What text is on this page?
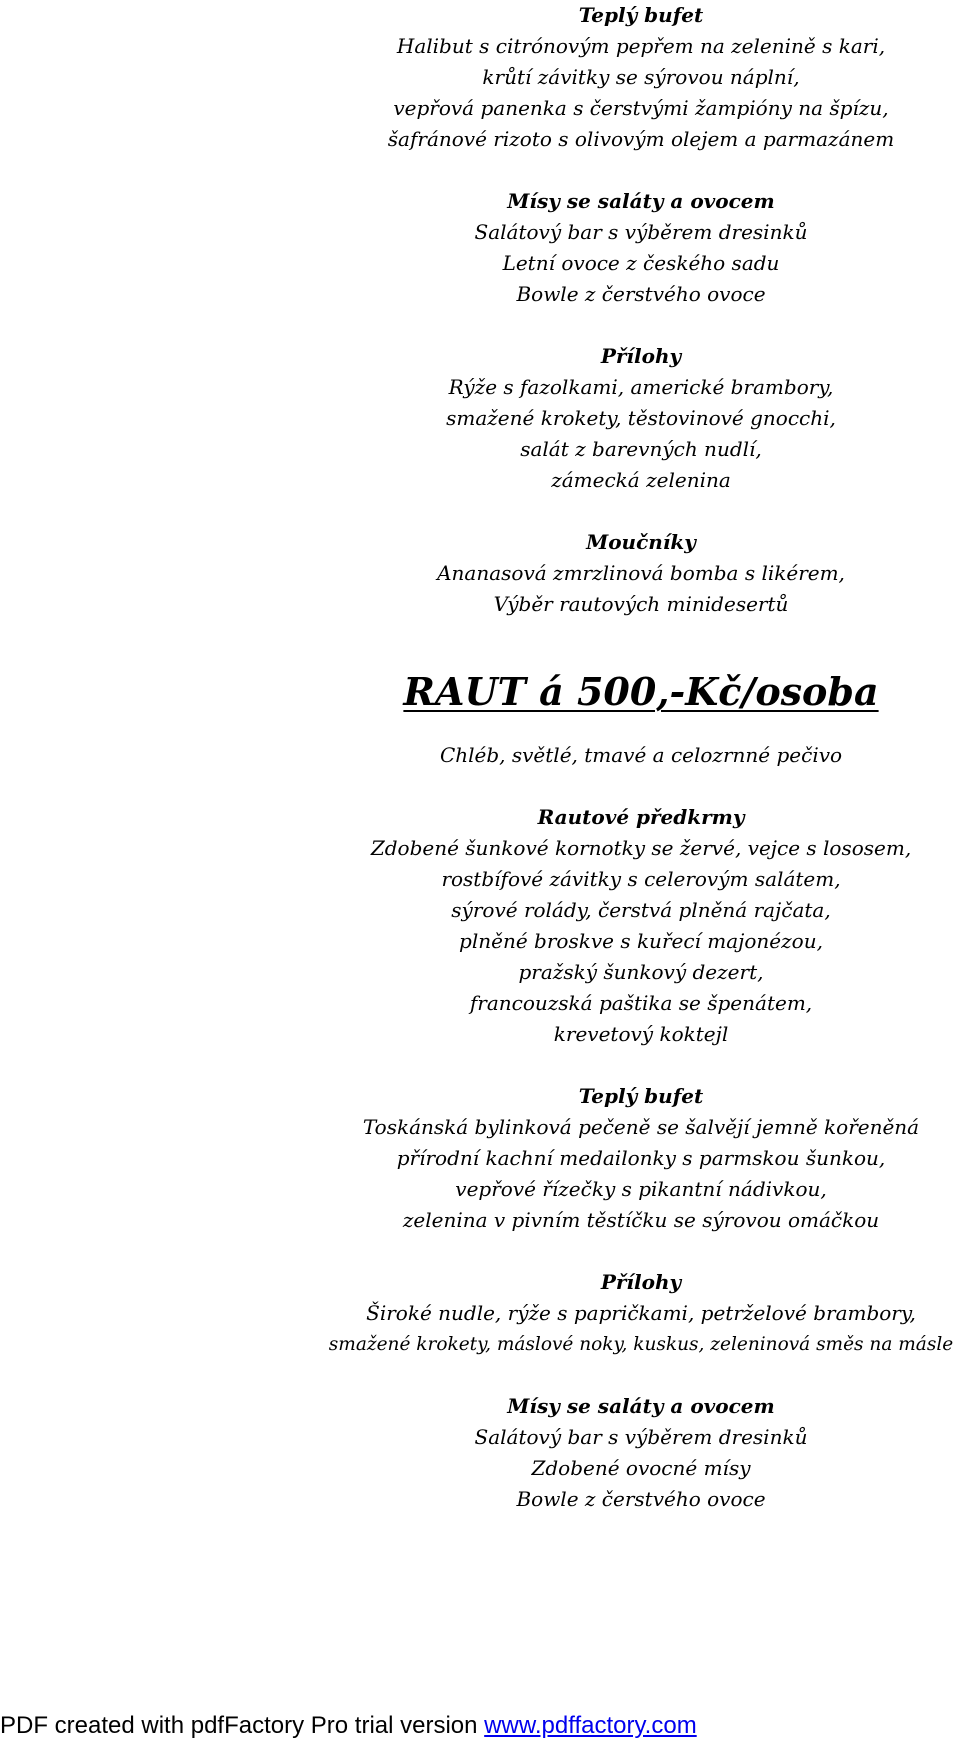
Teplý bufet
Halibut s citrónovým pepřem na zelenině s kari,
krůtí závitky se sýrovou náplní,
vepřová panenka s čerstvými žampióny na špízu,
šafránové rizoto s olivovým olejem a parmazánem
Mísy se saláty a ovocem
Salátový bar s výběrem dresinků
Letní ovoce z českého sadu
Bowle z čerstvého ovoce
Přílohy
Rýže s fazolkami, americké brambory,
smažené krokety, těstovinové gnocchi,
salát z barevných nudlí,
zámecká zelenina
Moučníky
Ananasová zmrzlinová bomba s likérem,
Výběr rautových minidesertů
RAUT á 500,-Kč/osoba
Chléb, světlé, tmavé a celozrnné pečivo
Rautové předkrmy
Zdobené šunkové kornotky se žervé, vejce s lososem,
rostbífové závitky s celerovým salátem,
sýrové rolády, čerstvá plněná rajčata,
plněné broskve s kuřecí majonézou,
pražský šunkový dezert,
francouzská paštika se špenátem,
krevetový koktejl
Teplý bufet
Toskánská bylinková pečeně se šalvějí jemně kořeněná
přírodní kachní medailonky s parmskou šunkou,
vepřové řízečky s pikantní nádivkou,
zelenina v pivním těstíčku se sýrovou omáčkou
Přílohy
Široké nudle, rýže s papričkami, petrželové brambory,
smažené krokety, máslové noky, kuskus, zeleninová směs na másle
Mísy se saláty a ovocem
Salátový bar s výběrem dresinků
Zdobené ovocné mísy
Bowle z čerstvého ovoce
PDF created with pdfFactory Pro trial version www.pdffactory.com
